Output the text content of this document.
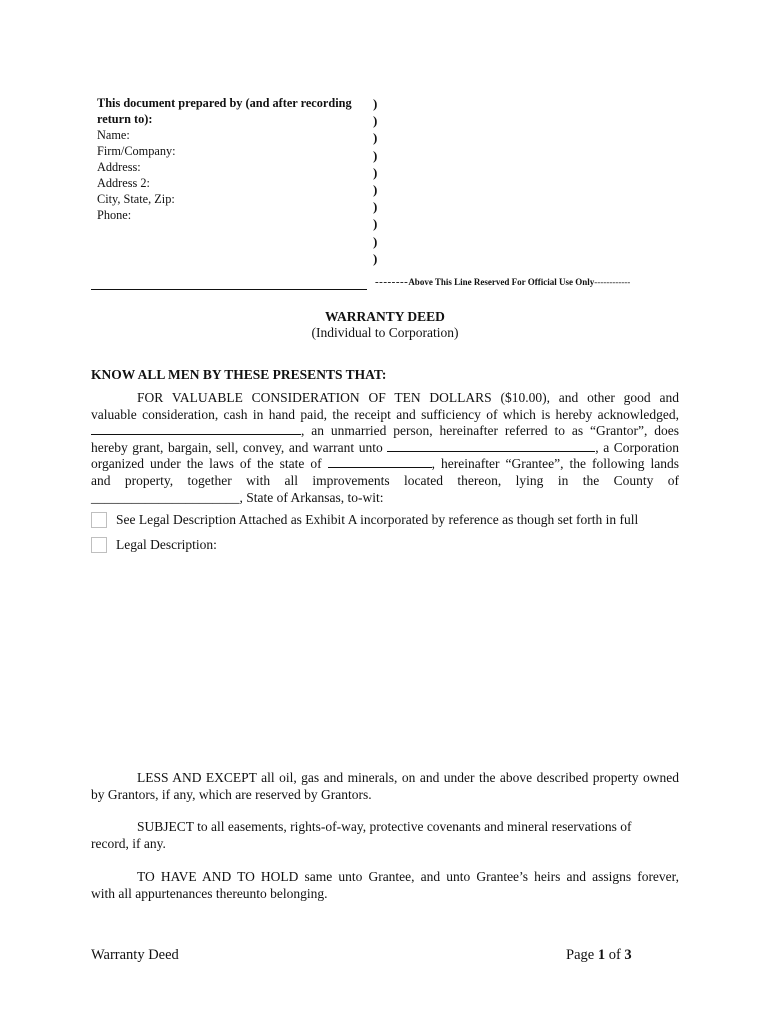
This document prepared by (and after recording
return to):
Name:
Firm/Company:
Address:
Address 2:
City, State, Zip:
Phone:
)
)
)
)
)
)
)
)
)
)
--------Above This Line Reserved For Official Use Only------------
WARRANTY DEED
(Individual to Corporation)
KNOW ALL MEN BY THESE PRESENTS THAT:
FOR VALUABLE CONSIDERATION OF TEN DOLLARS ($10.00), and other good and
valuable consideration, cash in hand paid, the receipt and sufficiency of which is hereby acknowledged,
, an unmarried person, hereinafter referred to as “Grantor”, does
hereby grant, bargain, sell, convey, and warrant unto	, a Corporation
organized under the laws of the state of	, hereinafter “Grantee”, the following lands
and property, together with all improvements located thereon, lying in the County of
______________________, State of Arkansas, to-wit:
See Legal Description Attached as Exhibit A incorporated by reference as though set forth in full
Legal Description:
LESS AND EXCEPT all oil, gas and minerals, on and under the above described property owned
by Grantors, if any, which are reserved by Grantors.
SUBJECT to all easements, rights-of-way, protective covenants and mineral reservations of
record, if any.
TO HAVE AND TO HOLD same unto Grantee, and unto Grantee’s heirs and assigns forever,
with all appurtenances thereunto belonging.
Warranty Deed	Page 1 of 3
